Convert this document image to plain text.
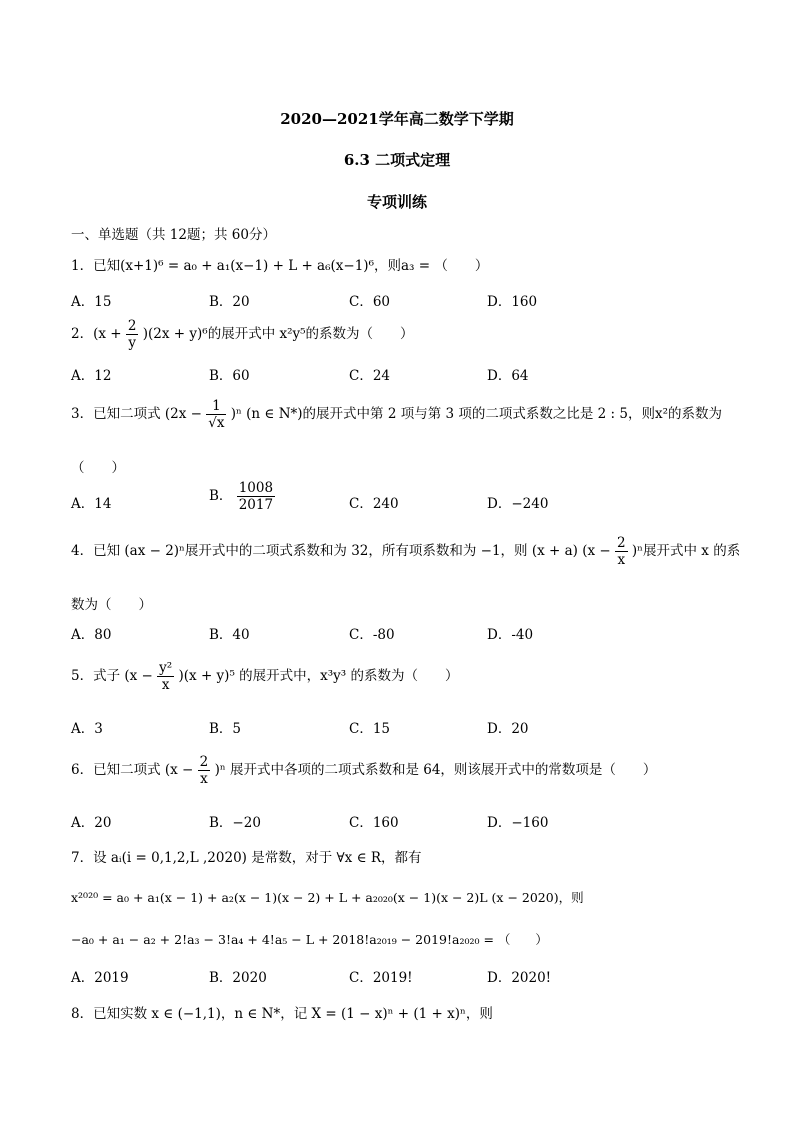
2020—2021学年高二数学下学期
6.3 二项式定理
专项训练
一、单选题（共 12题；共 60分）
1．已知(x+1)⁶ = a₀ + a₁(x−1) + L + a₆(x−1)⁶，则a₃ = （　　）
A．15	B．20	C．60	D．160
2．$(x + \frac{2}{y} )(2x + y)^6$的展开式中 x²y⁵的系数为（　　）
A．12	B．60	C．24	D．64
3．已知二项式 $(2x - \frac{1}{√x} )^n$ (n ∈ N*)的展开式中第 2 项与第 3 项的二项式系数之比是 2 : 5，则x²的系数为
（　　）
A．14	B． $\frac{1008}{2017}$	C．240	D．−240
4．已知 (ax − 2)ⁿ展开式中的二项式系数和为 32，所有项系数和为 −1，则 (x + a) $(x - \frac{2}{x} )^n$展开式中 x 的系
数为（　　）
A．80	B．40	C．-80	D．-40
5．式子 $(x - \frac{\text{y²}}{x} )(x + y)^5$ 的展开式中，x³y³ 的系数为（　　）
A．3	B．5	C．15	D．20
6．已知二项式 $(x - \frac{2}{x} )^n$ 展开式中各项的二项式系数和是 64，则该展开式中的常数项是（　　）
A．20	B．−20	C．160	D．−160
7．设 aᵢ(i = 0,1,2,L ,2020) 是常数，对于 ∀x ∈ R，都有
x²⁰²⁰ = a₀ + a₁(x − 1) + a₂(x − 1)(x − 2) + L + a₂₀₂₀(x − 1)(x − 2)L (x − 2020)，则
−a₀ + a₁ − a₂ + 2!a₃ − 3!a₄ + 4!a₅ − L + 2018!a₂₀₁₉ − 2019!a₂₀₂₀ = （　　）
A．2019	B．2020	C．2019!	D．2020!
8．已知实数 x ∈ (−1,1)，n ∈ N*，记 X = (1 − x)ⁿ + (1 + x)ⁿ，则
